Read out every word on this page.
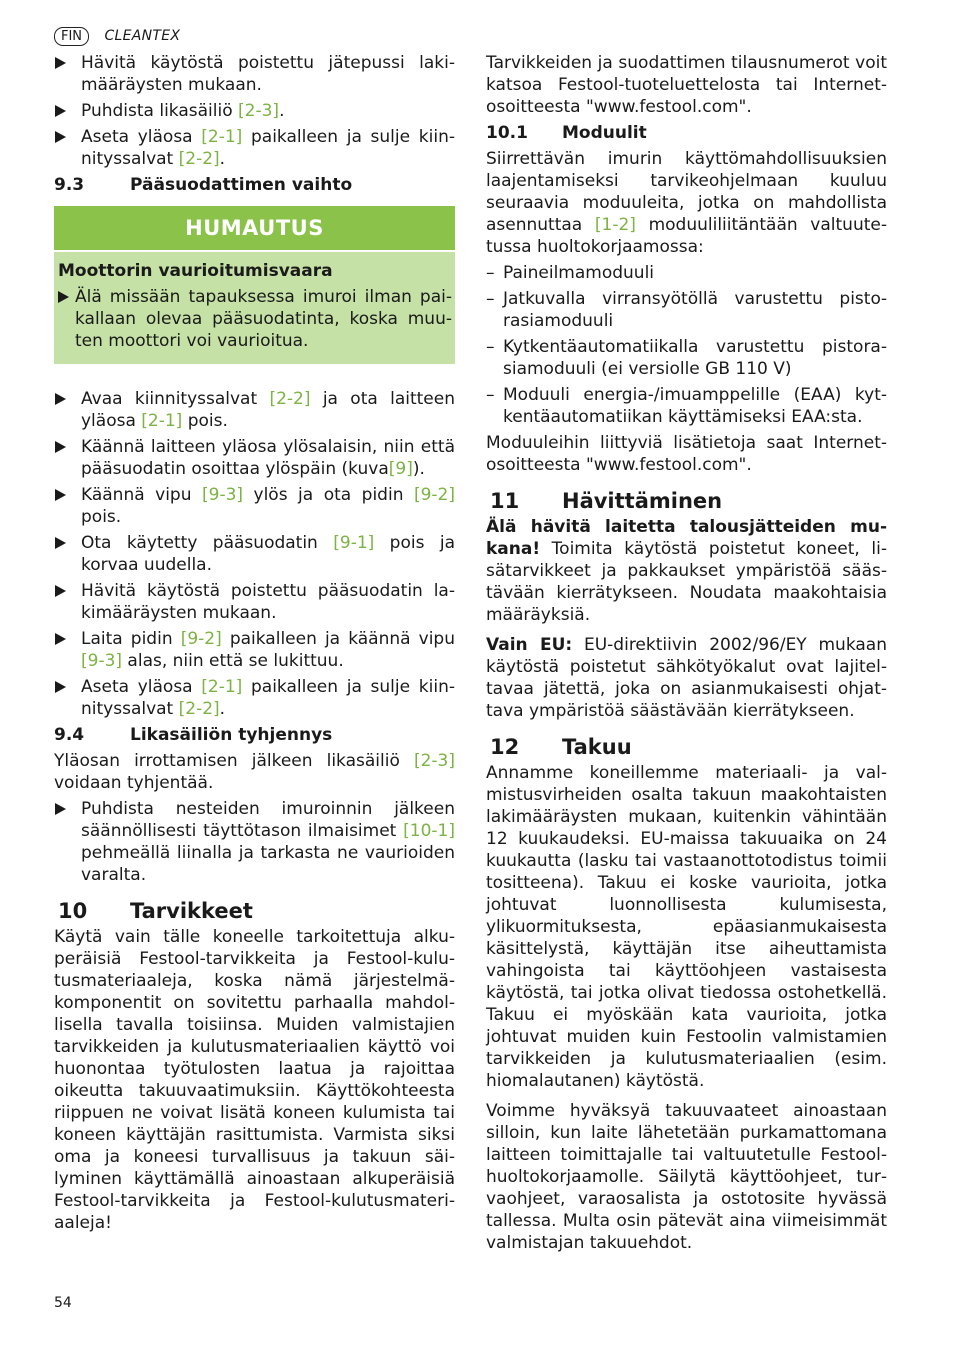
FIN CLEANTEX
Hävitä käytöstä poistettu jätepussi lakimääräysten mukaan.
Puhdista likasäiliö [2-3].
Aseta yläosa [2-1] paikalleen ja sulje kiinnityssalvat [2-2].
9.3	Pääsuodattimen vaihto
HUMAUTUS
Moottorin vaurioitumisvaara
Älä missään tapauksessa imuroi ilman paikallaan olevaa pääsuodatinta, koska muuten moottori voi vaurioitua.
Avaa kiinnityssalvat [2-2] ja ota laitteen yläosa [2-1] pois.
Käännä laitteen yläosa ylösalaisin, niin että pääsuodatin osoittaa ylöspäin (kuva[9]).
Käännä vipu [9-3] ylös ja ota pidin [9-2] pois.
Ota käytetty pääsuodatin [9-1] pois ja korvaa uudella.
Hävitä käytöstä poistettu pääsuodatin lakimääräysten mukaan.
Laita pidin [9-2] paikalleen ja käännä vipu [9-3] alas, niin että se lukittuu.
Aseta yläosa [2-1] paikalleen ja sulje kiinnityssalvat [2-2].
9.4	Likasäiliön tyhjennys

Yläosan irrottamisen jälkeen likasäiliö [2-3] voidaan tyhjentää.

Puhdista nesteiden imuroinnin jälkeen säännöllisesti täyttötason ilmaisimet [10-1] pehmeällä liinalla ja tarkasta ne vaurioiden varalta.
10 Tarvikkeet

Käytä vain tälle koneelle tarkoitettuja alkuperäisiä Festool-tarvikkeita ja Festool-kulutusmateriaaleja, koska nämä järjestelmäkomponentit on sovitettu parhaalla mahdollisella tavalla toisiinsa. Muiden valmistajien tarvikkeiden ja kulutusmateriaalien käyttö voi huonontaa työtulosten laatua ja rajoittaa oikeutta takuuvaatimuksiin. Käyttökohteesta riippuen ne voivat lisätä koneen kulumista tai koneen käyttäjän rasittumista. Varmista siksi oma ja koneesi turvallisuus ja takuun säilyminen käyttämällä ainoastaan alkuperäisiä Festool-tarvikkeita ja Festool-kulutusmateriaaleja!

Tarvikkeiden ja suodattimen tilausnumerot voit katsoa Festool-tuoteluettelosta tai Internet-osoitteesta "www.festool.com".

10.1 Moduulit

Siirrettävän imurin käyttömahdollisuuksien laajentamiseksi tarvikeohjelmaan kuuluu seuraavia moduuleita, jotka on mahdollista asennuttaa [1-2] moduuliliitäntään valtuutetussa huoltokorjaamossa:

– Paineilmamoduuli
– Jatkuvalla virransyötöllä varustettu pistorasiamoduuli
– Kytkentäautomatiikalla varustettu pistorasiamoduuli (ei versiolle GB 110 V)
– Moduuli energia-/imuamppelille (EAA) kytkentäautomatiikan käyttämiseksi EAA:sta.

Moduuleihin liittyviä lisätietoja saat Internet-osoitteesta "www.festool.com".

11 Hävittäminen

Älä hävitä laitetta talousjätteiden mukana! Toimita käytöstä poistetut koneet, lisätarvikkeet ja pakkaukset ympäristöä säästävään kierrätykseen. Noudata maakohtaisia määräyksiä.

Vain EU: EU-direktiivin 2002/96/EY mukaan käytöstä poistetut sähkötyökalut ovat lajiteltavaa jätettä, joka on asianmukaisesti ohjattava ympäristöä säästävään kierrätykseen.

12 Takuu

Annamme koneillemme materiaali- ja valmistusvirheiden osalta takuun maakohtaisten lakimääräysten mukaan, kuitenkin vähintään 12 kuukaudeksi. EU-maissa takuuaika on 24 kuukautta (lasku tai vastaanottotodistus toimii tositteena). Takuu ei koske vaurioita, jotka johtuvat luonnollisesta kulumisesta, ylikuormituksesta, epäasianmukaisesta käsittelystä, käyttäjän itse aiheuttamista vahingoista tai käyttöohjeen vastaisesta käytöstä, tai jotka olivat tiedossa ostohetkellä. Takuu ei myöskään kata vaurioita, jotka johtuvat muiden kuin Festoolin valmistamien tarvikkeiden ja kulutusmateriaalien (esim. hiomalautanen) käytöstä.

Voimme hyväksyä takuuvaateet ainoastaan silloin, kun laite lähetetään purkamattomana laitteen toimittajalle tai valtuutetulle Festool-huoltokorjaamolle. Säilytä käyttöohjeet, turvaohjeet, varaosalista ja ostotosite hyvässä tallessa. Multa osin pätevät aina viimeisimmät valmistajan takuuehdot.

54
